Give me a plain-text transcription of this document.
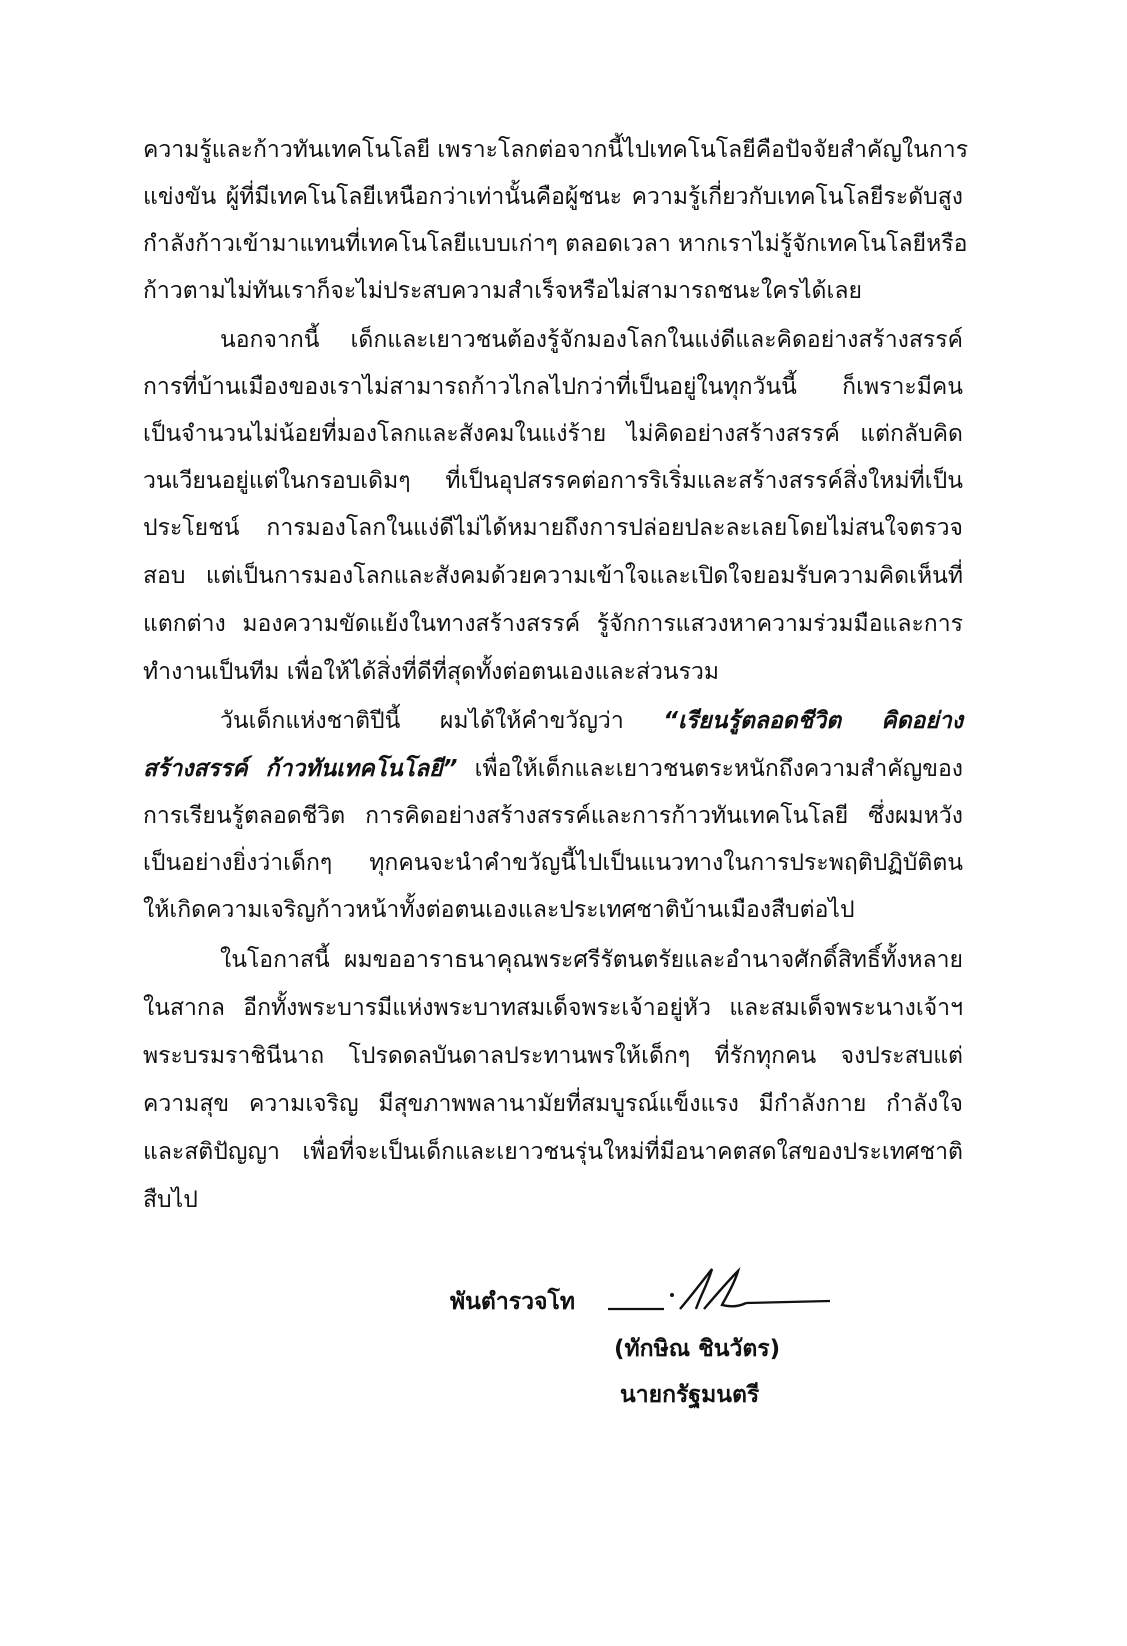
ความรู้และก้าวทันเทคโนโลยี เพราะโลกต่อจากนี้ไปเทคโนโลยีคือปัจจัยสำคัญในการ
แข่งขัน ผู้ที่มีเทคโนโลยีเหนือกว่าเท่านั้นคือผู้ชนะ ความรู้เกี่ยวกับเทคโนโลยีระดับสูง
กำลังก้าวเข้ามาแทนที่เทคโนโลยีแบบเก่าๆ ตลอดเวลา หากเราไม่รู้จักเทคโนโลยีหรือ
ก้าวตามไม่ทันเราก็จะไม่ประสบความสำเร็จหรือไม่สามารถชนะใครได้เลย
นอกจากนี้ เด็กและเยาวชนต้องรู้จักมองโลกในแง่ดีและคิดอย่างสร้างสรรค์
การที่บ้านเมืองของเราไม่สามารถก้าวไกลไปกว่าที่เป็นอยู่ในทุกวันนี้ ก็เพราะมีคน
เป็นจำนวนไม่น้อยที่มองโลกและสังคมในแง่ร้าย ไม่คิดอย่างสร้างสรรค์ แต่กลับคิด
วนเวียนอยู่แต่ในกรอบเดิมๆ ที่เป็นอุปสรรคต่อการริเริ่มและสร้างสรรค์สิ่งใหม่ที่เป็น
ประโยชน์ การมองโลกในแง่ดีไม่ได้หมายถึงการปล่อยปละละเลยโดยไม่สนใจตรวจ
สอบ แต่เป็นการมองโลกและสังคมด้วยความเข้าใจและเปิดใจยอมรับความคิดเห็นที่
แตกต่าง มองความขัดแย้งในทางสร้างสรรค์ รู้จักการแสวงหาความร่วมมือและการ
ทำงานเป็นทีม เพื่อให้ได้สิ่งที่ดีที่สุดทั้งต่อตนเองและส่วนรวม
วันเด็กแห่งชาติปีนี้ ผมได้ให้คำขวัญว่า “เรียนรู้ตลอดชีวิต คิดอย่าง
สร้างสรรค์ ก้าวทันเทคโนโลยี” เพื่อให้เด็กและเยาวชนตระหนักถึงความสำคัญของ
การเรียนรู้ตลอดชีวิต การคิดอย่างสร้างสรรค์และการก้าวทันเทคโนโลยี ซึ่งผมหวัง
เป็นอย่างยิ่งว่าเด็กๆ ทุกคนจะนำคำขวัญนี้ไปเป็นแนวทางในการประพฤติปฏิบัติตน
ให้เกิดความเจริญก้าวหน้าทั้งต่อตนเองและประเทศชาติบ้านเมืองสืบต่อไป
ในโอกาสนี้ ผมขออาราธนาคุณพระศรีรัตนตรัยและอำนาจศักดิ์สิทธิ์ทั้งหลาย
ในสากล อีกทั้งพระบารมีแห่งพระบาทสมเด็จพระเจ้าอยู่หัว และสมเด็จพระนางเจ้าฯ
พระบรมราชินีนาถ โปรดดลบันดาลประทานพรให้เด็กๆ ที่รักทุกคน จงประสบแต่
ความสุข ความเจริญ มีสุขภาพพลานามัยที่สมบูรณ์แข็งแรง มีกำลังกาย กำลังใจ
และสติปัญญา เพื่อที่จะเป็นเด็กและเยาวชนรุ่นใหม่ที่มีอนาคตสดใสของประเทศชาติ
สืบไป
พันตำรวจโท
(ทักษิณ ชินวัตร)
นายกรัฐมนตรี
